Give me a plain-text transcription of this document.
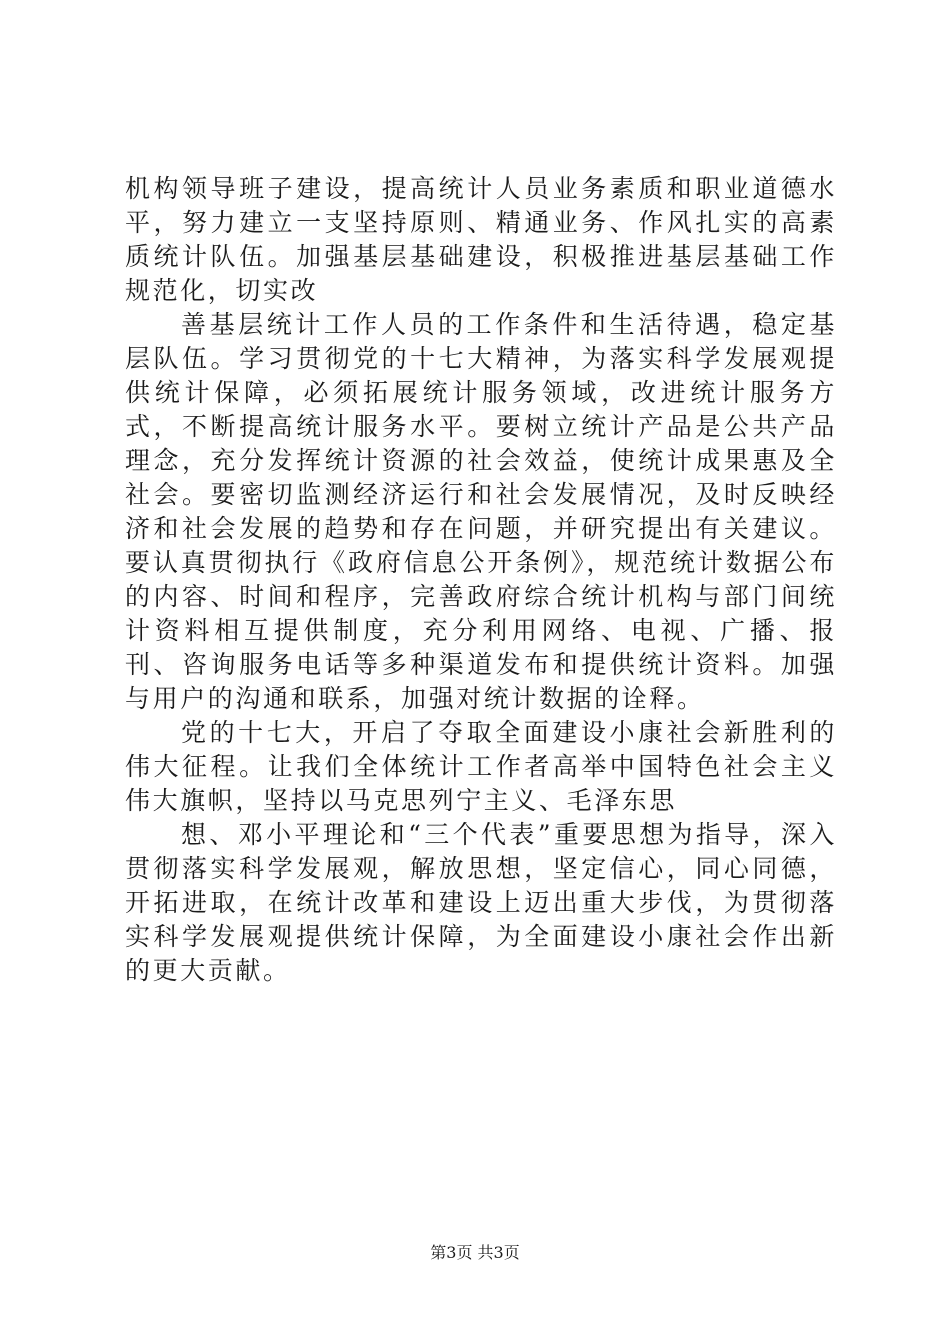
机构领导班子建设，提高统计人员业务素质和职业道德水平，努力建立一支坚持原则、精通业务、作风扎实的高素质统计队伍。加强基层基础建设，积极推进基层基础工作规范化，切实改

善基层统计工作人员的工作条件和生活待遇，稳定基层队伍。学习贯彻党的十七大精神，为落实科学发展观提供统计保障，必须拓展统计服务领域，改进统计服务方式，不断提高统计服务水平。要树立统计产品是公共产品理念，充分发挥统计资源的社会效益，使统计成果惠及全社会。要密切监测经济运行和社会发展情况，及时反映经济和社会发展的趋势和存在问题，并研究提出有关建议。要认真贯彻执行《政府信息公开条例》，规范统计数据公布的内容、时间和程序，完善政府综合统计机构与部门间统计资料相互提供制度，充分利用网络、电视、广播、报刊、咨询服务电话等多种渠道发布和提供统计资料。加强与用户的沟通和联系，加强对统计数据的诠释。

党的十七大，开启了夺取全面建设小康社会新胜利的伟大征程。让我们全体统计工作者高举中国特色社会主义伟大旗帜，坚持以马克思列宁主义、毛泽东思

想、邓小平理论和“三个代表”重要思想为指导，深入贯彻落实科学发展观，解放思想，坚定信心，同心同德，开拓进取，在统计改革和建设上迈出重大步伐，为贯彻落实科学发展观提供统计保障，为全面建设小康社会作出新的更大贡献。

第3页 共3页
